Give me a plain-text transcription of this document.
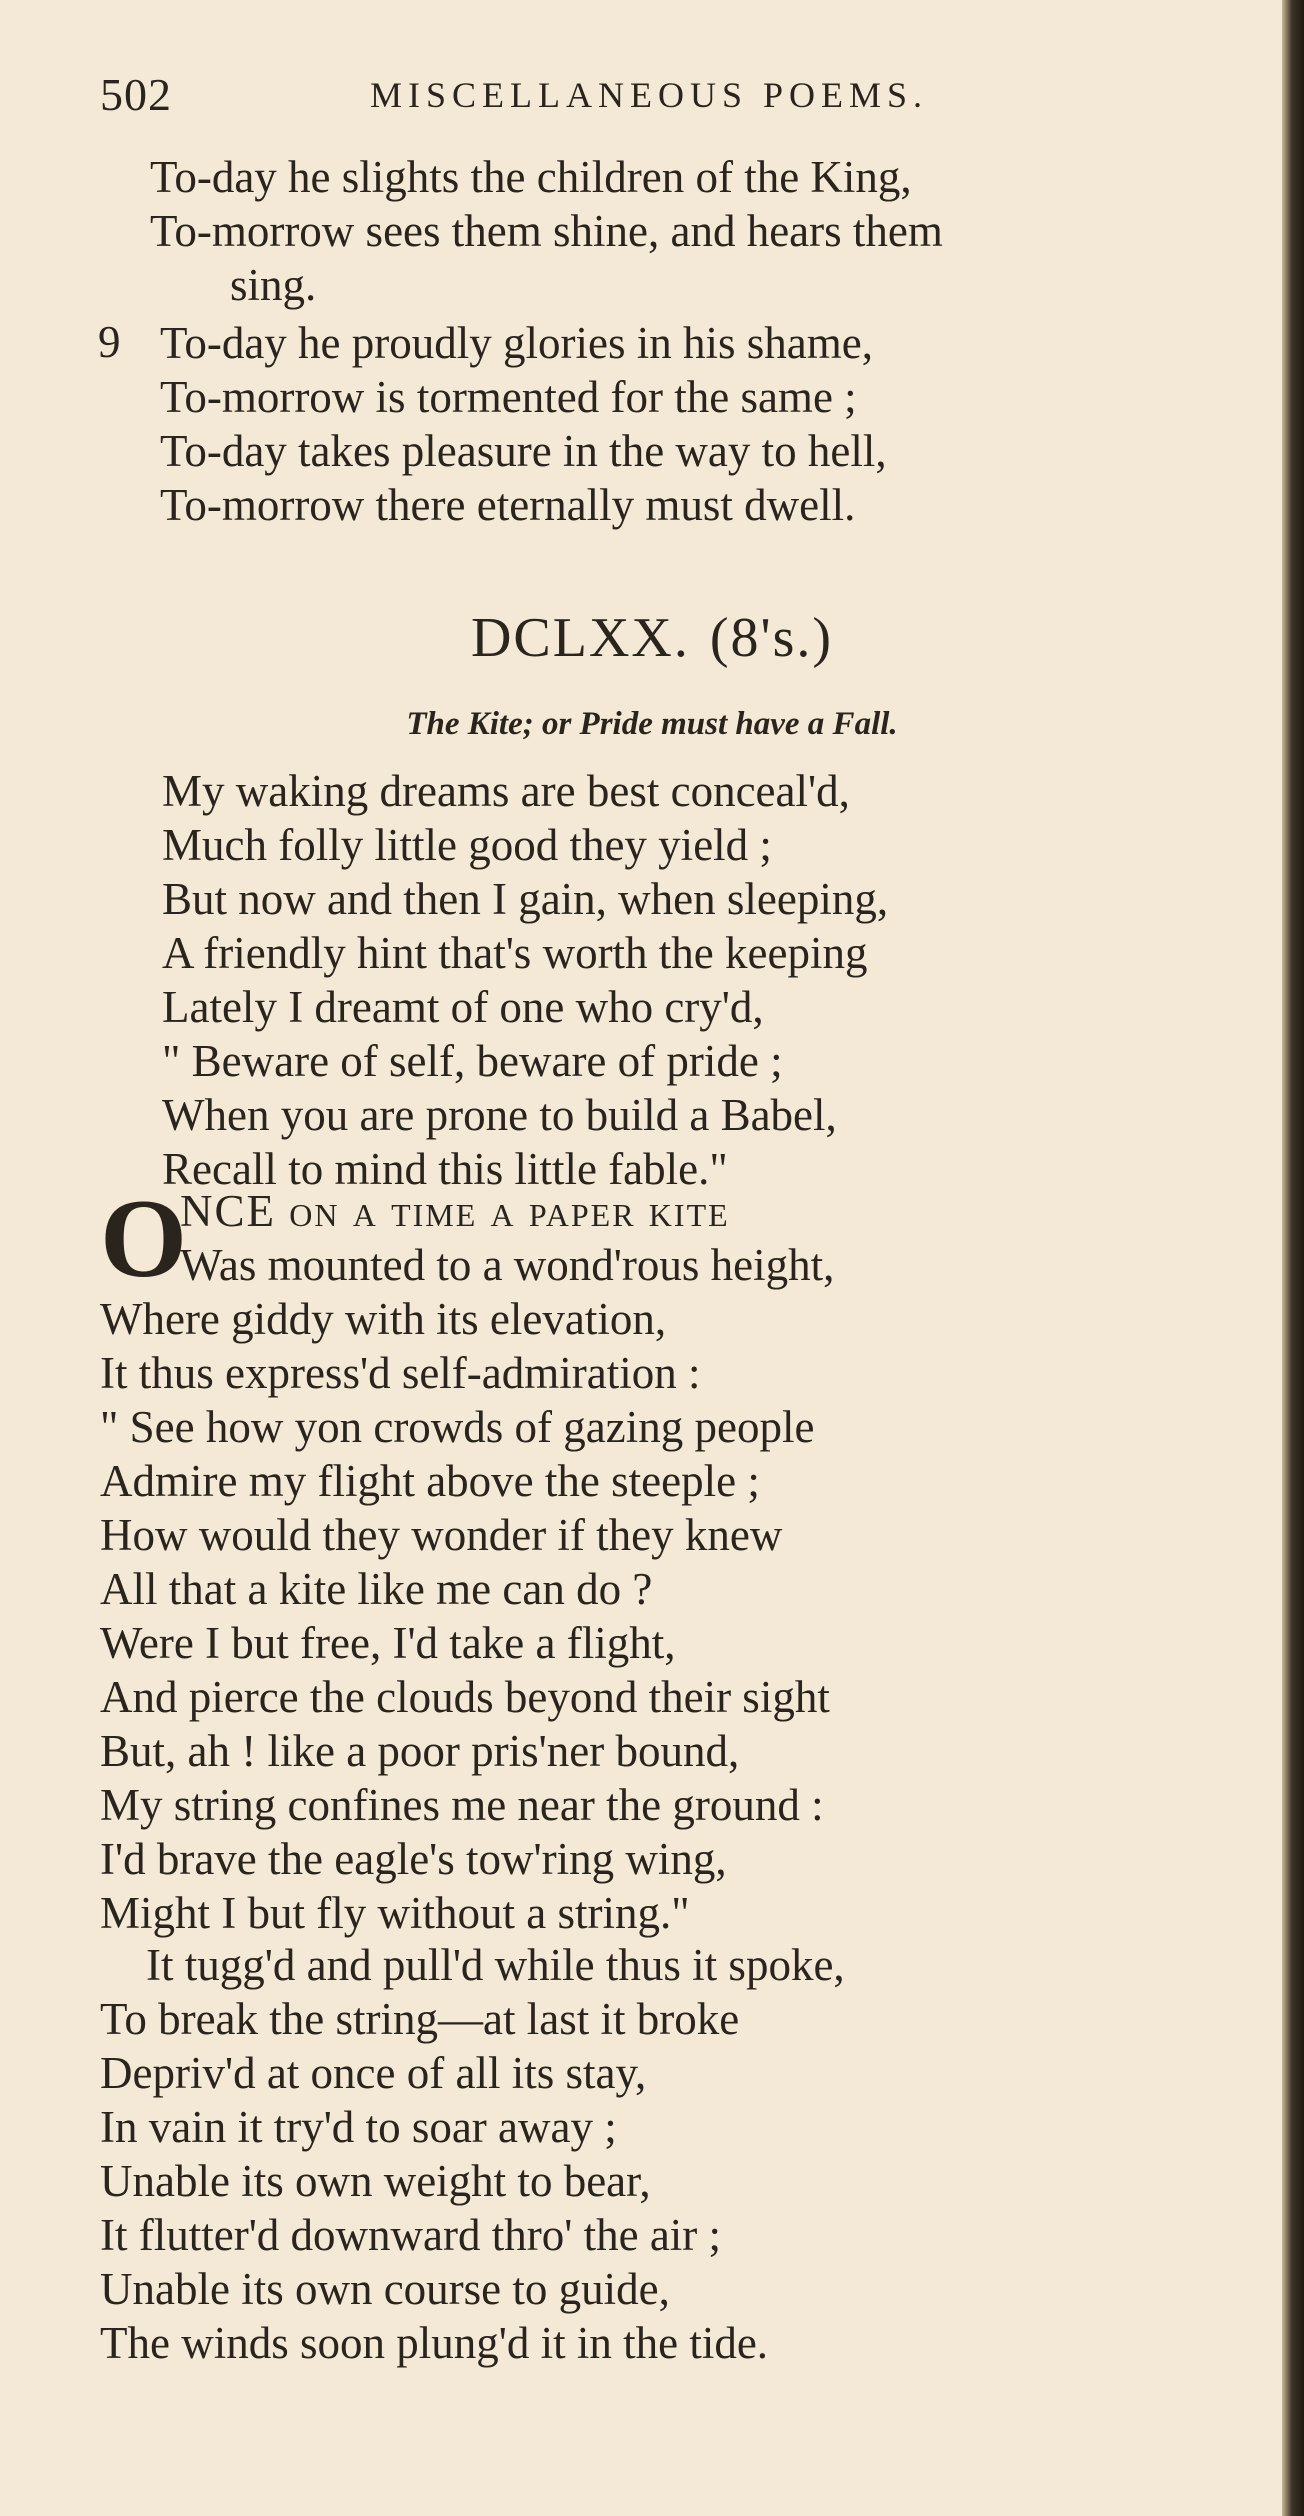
502	MISCELLANEOUS POEMS.
To-day he slights the children of the King,
To-morrow sees them shine, and hears them
sing.
9 To-day he proudly glories in his shame,
To-morrow is tormented for the same ;
To-day takes pleasure in the way to hell,
To-morrow there eternally must dwell.
DCLXX. (8's.)
The Kite; or Pride must have a Fall.
My waking dreams are best conceal'd,
Much folly little good they yield ;
But now and then I gain, when sleeping,
A friendly hint that's worth the keeping
Lately I dreamt of one who cry'd,
" Beware of self, beware of pride ;
When you are prone to build a Babel,
Recall to mind this little fable."
O
NCE on a time a paper kite
Was mounted to a wond'rous height,
Where giddy with its elevation,
It thus express'd self-admiration :
" See how yon crowds of gazing people
Admire my flight above the steeple ;
How would they wonder if they knew
All that a kite like me can do ?
Were I but free, I'd take a flight,
And pierce the clouds beyond their sight
But, ah ! like a poor pris'ner bound,
My string confines me near the ground :
I'd brave the eagle's tow'ring wing,
Might I but fly without a string."
It tugg'd and pull'd while thus it spoke,
To break the string—at last it broke
Depriv'd at once of all its stay,
In vain it try'd to soar away ;
Unable its own weight to bear,
It flutter'd downward thro' the air ;
Unable its own course to guide,
The winds soon plung'd it in the tide.
